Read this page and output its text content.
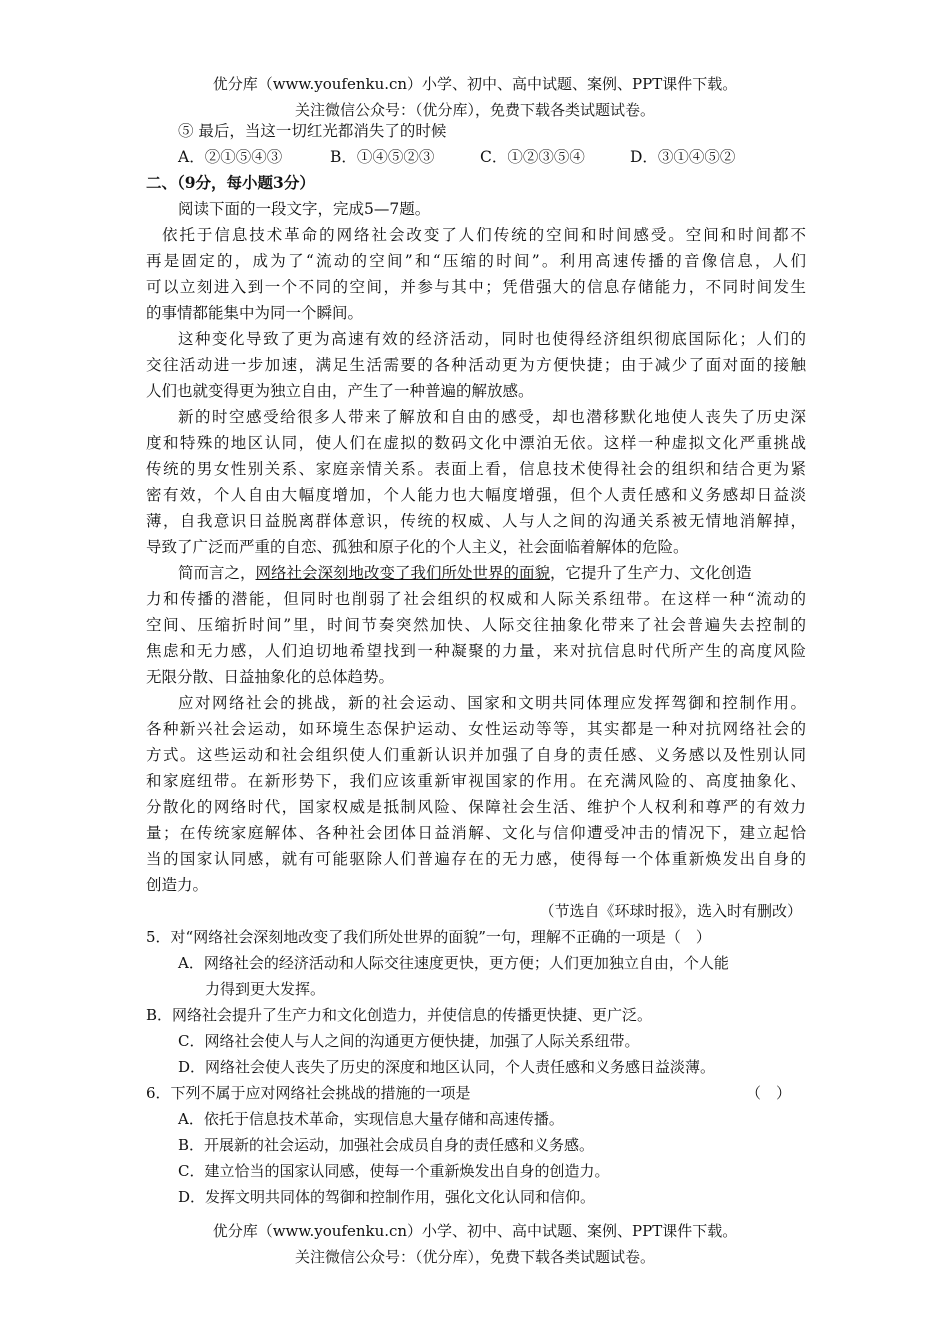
优分库（www.youfenku.cn）小学、初中、高中试题、案例、PPT课件下载。
关注微信公众号：（优分库），免费下载各类试题试卷。
⑤ 最后，当这一切红光都消失了的时候
A．②①⑤④③	B．①④⑤②③	C．①②③⑤④	D．③①④⑤②
二、（9分，每小题3分）
阅读下面的一段文字，完成5—7题。
依托于信息技术革命的网络社会改变了人们传统的空间和时间感受。空间和时间都不
再是固定的，成为了“流动的空间”和“压缩的时间”。利用高速传播的音像信息，人们
可以立刻进入到一个不同的空间，并参与其中；凭借强大的信息存储能力，不同时间发生
的事情都能集中为同一个瞬间。
这种变化导致了更为高速有效的经济活动，同时也使得经济组织彻底国际化；人们的
交往活动进一步加速，满足生活需要的各种活动更为方便快捷；由于减少了面对面的接触
人们也就变得更为独立自由，产生了一种普遍的解放感。
新的时空感受给很多人带来了解放和自由的感受，却也潜移默化地使人丧失了历史深
度和特殊的地区认同，使人们在虚拟的数码文化中漂泊无依。这样一种虚拟文化严重挑战
传统的男女性别关系、家庭亲情关系。表面上看，信息技术使得社会的组织和结合更为紧
密有效，个人自由大幅度增加，个人能力也大幅度增强，但个人责任感和义务感却日益淡
薄，自我意识日益脱离群体意识，传统的权威、人与人之间的沟通关系被无情地消解掉，
导致了广泛而严重的自恋、孤独和原子化的个人主义，社会面临着解体的危险。
简而言之，网络社会深刻地改变了我们所处世界的面貌，它提升了生产力、文化创造
力和传播的潜能，但同时也削弱了社会组织的权威和人际关系纽带。在这样一种“流动的
空间、压缩折时间”里，时间节奏突然加快、人际交往抽象化带来了社会普遍失去控制的
焦虑和无力感，人们迫切地希望找到一种凝聚的力量，来对抗信息时代所产生的高度风险
无限分散、日益抽象化的总体趋势。
应对网络社会的挑战，新的社会运动、国家和文明共同体理应发挥驾御和控制作用。
各种新兴社会运动，如环境生态保护运动、女性运动等等，其实都是一种对抗网络社会的
方式。这些运动和社会组织使人们重新认识并加强了自身的责任感、义务感以及性别认同
和家庭纽带。在新形势下，我们应该重新审视国家的作用。在充满风险的、高度抽象化、
分散化的网络时代，国家权威是抵制风险、保障社会生活、维护个人权利和尊严的有效力
量；在传统家庭解体、各种社会团体日益消解、文化与信仰遭受冲击的情况下，建立起恰
当的国家认同感，就有可能驱除人们普遍存在的无力感，使得每一个体重新焕发出自身的
创造力。
（节选自《环球时报》，选入时有删改）
5．对“网络社会深刻地改变了我们所处世界的面貌”一句，理解不正确的一项是（　）
A．网络社会的经济活动和人际交往速度更快，更方便；人们更加独立自由，个人能
力得到更大发挥。
B．网络社会提升了生产力和文化创造力，并使信息的传播更快捷、更广泛。
C．网络社会使人与人之间的沟通更方便快捷，加强了人际关系纽带。
D．网络社会使人丧失了历史的深度和地区认同，个人责任感和义务感日益淡薄。
6．下列不属于应对网络社会挑战的措施的一项是	（　）
A．依托于信息技术革命，实现信息大量存储和高速传播。
B．开展新的社会运动，加强社会成员自身的责任感和义务感。
C．建立恰当的国家认同感，使每一个重新焕发出自身的创造力。
D．发挥文明共同体的驾御和控制作用，强化文化认同和信仰。
优分库（www.youfenku.cn）小学、初中、高中试题、案例、PPT课件下载。
关注微信公众号：（优分库），免费下载各类试题试卷。
